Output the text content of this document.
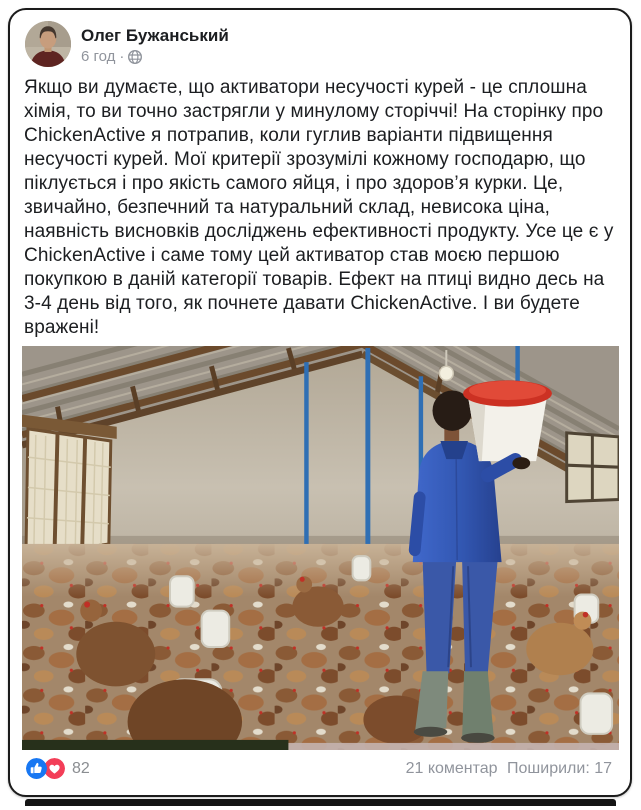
Олег Бужанський
6 год ·
Якщо ви думаєте, що активатори несучості курей - це сплошна хімія, то ви точно застрягли у минулому сторіччі! На сторінку про ChickenActive я потрапив, коли гуглив варіанти підвищення несучості курей. Мої критерії зрозумілі кожному господарю, що піклується і про якість самого яйця, і про здоров’я курки. Це, звичайно, безпечний та натуральний склад, невисока ціна, наявність висновків досліджень ефективності продукту. Усе це є у ChickenActive і саме тому цей активатор став моєю першою покупкою в даній категорії товарів. Ефект на птиці видно десь на 3-4 день від того, як почнете давати ChickenActive. І ви будете вражені!
82	21 коментар Поширили: 17
